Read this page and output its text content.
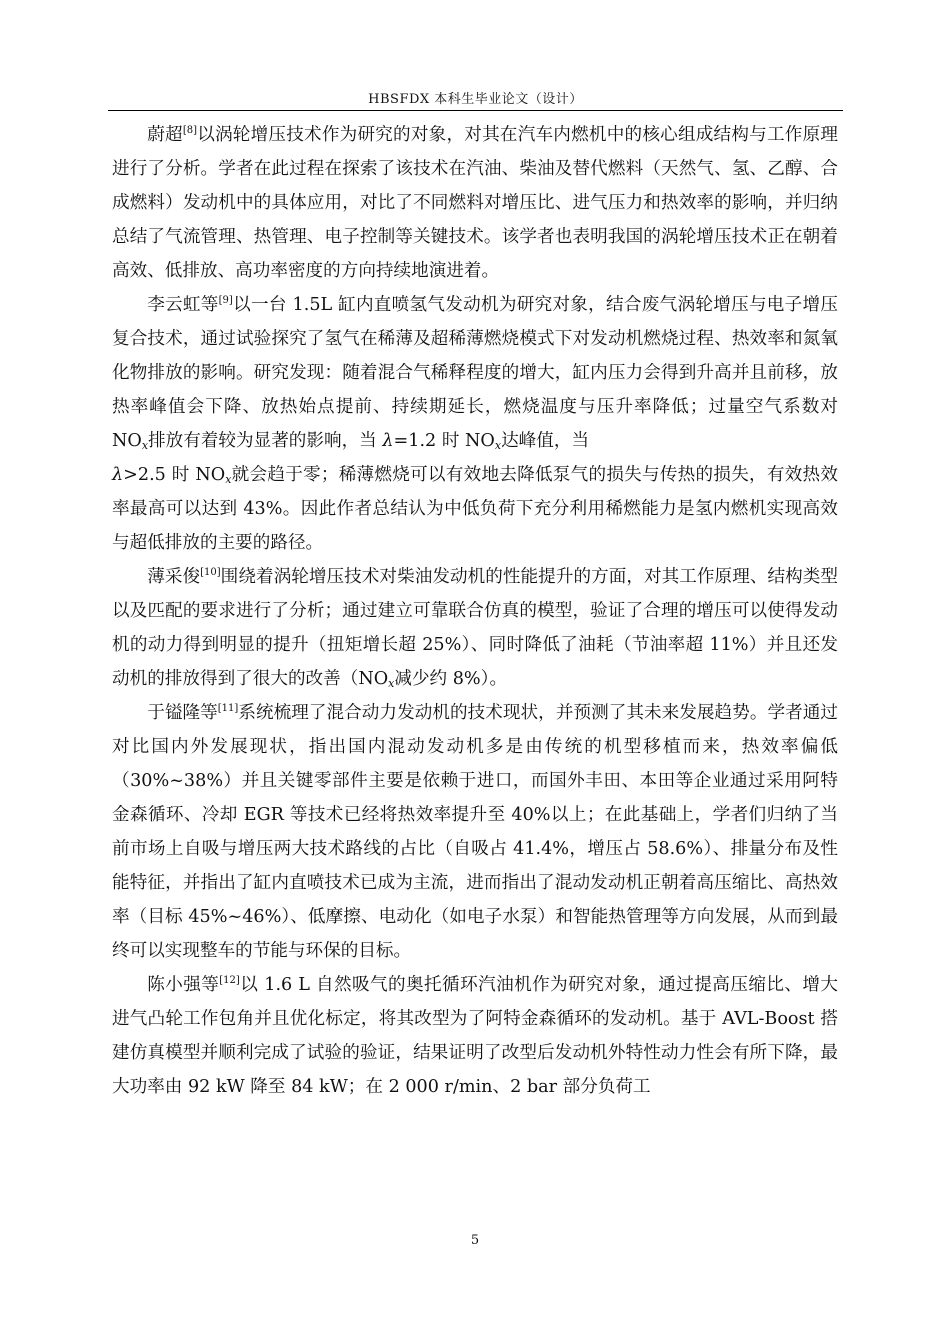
HBSFDX 本科生毕业论文（设计）

蔚超[8]以涡轮增压技术作为研究的对象，对其在汽车内燃机中的核心组成结构与工作原理进行了分析。学者在此过程在探索了该技术在汽油、柴油及替代燃料（天然气、氢、乙醇、合成燃料）发动机中的具体应用，对比了不同燃料对增压比、进气压力和热效率的影响，并归纳总结了气流管理、热管理、电子控制等关键技术。该学者也表明我国的涡轮增压技术正在朝着高效、低排放、高功率密度的方向持续地演进着。

李云虹等[9]以一台 1.5L 缸内直喷氢气发动机为研究对象，结合废气涡轮增压与电子增压复合技术，通过试验探究了氢气在稀薄及超稀薄燃烧模式下对发动机燃烧过程、热效率和氮氧化物排放的影响。研究发现：随着混合气稀释程度的增大，缸内压力会得到升高并且前移，放热率峰值会下降、放热始点提前、持续期延长，燃烧温度与压升率降低；过量空气系数对 $NO_x$排放有着较为显著的影响，当 λ=1.2 时 $NO_x$达峰值，当
λ>2.5 时 $NO_x$就会趋于零；稀薄燃烧可以有效地去降低泵气的损失与传热的损失，有效热效率最高可以达到 43%。因此作者总结认为中低负荷下充分利用稀燃能力是氢内燃机实现高效与超低排放的主要的路径。

薄采俊[10]围绕着涡轮增压技术对柴油发动机的性能提升的方面，对其工作原理、结构类型以及匹配的要求进行了分析；通过建立可靠联合仿真的模型，验证了合理的增压可以使得发动机的动力得到明显的提升（扭矩增长超 25%）、同时降低了油耗（节油率超 11%）并且还发动机的排放得到了很大的改善（$NO_x$减少约 8%）。

于镒隆等[11]系统梳理了混合动力发动机的技术现状，并预测了其未来发展趋势。学者通过对比国内外发展现状，指出国内混动发动机多是由传统的机型移植而来，热效率偏低（30%~38%）并且关键零部件主要是依赖于进口，而国外丰田、本田等企业通过采用阿特金森循环、冷却 EGR 等技术已经将热效率提升至 40%以上；在此基础上，学者们归纳了当前市场上自吸与增压两大技术路线的占比（自吸占 41.4%，增压占 58.6%）、排量分布及性能特征，并指出了缸内直喷技术已成为主流，进而指出了混动发动机正朝着高压缩比、高热效率（目标 45%~46%）、低摩擦、电动化（如电子水泵）和智能热管理等方向发展，从而到最终可以实现整车的节能与环保的目标。

陈小强等[12]以 1.6 L 自然吸气的奥托循环汽油机作为研究对象，通过提高压缩比、增大进气凸轮工作包角并且优化标定，将其改型为了阿特金森循环的发动机。基于 AVL-Boost 搭建仿真模型并顺利完成了试验的验证，结果证明了改型后发动机外特性动力性会有所下降，最大功率由 92 kW 降至 84 kW；在 2 000 r/min、2 bar 部分负荷工

5
